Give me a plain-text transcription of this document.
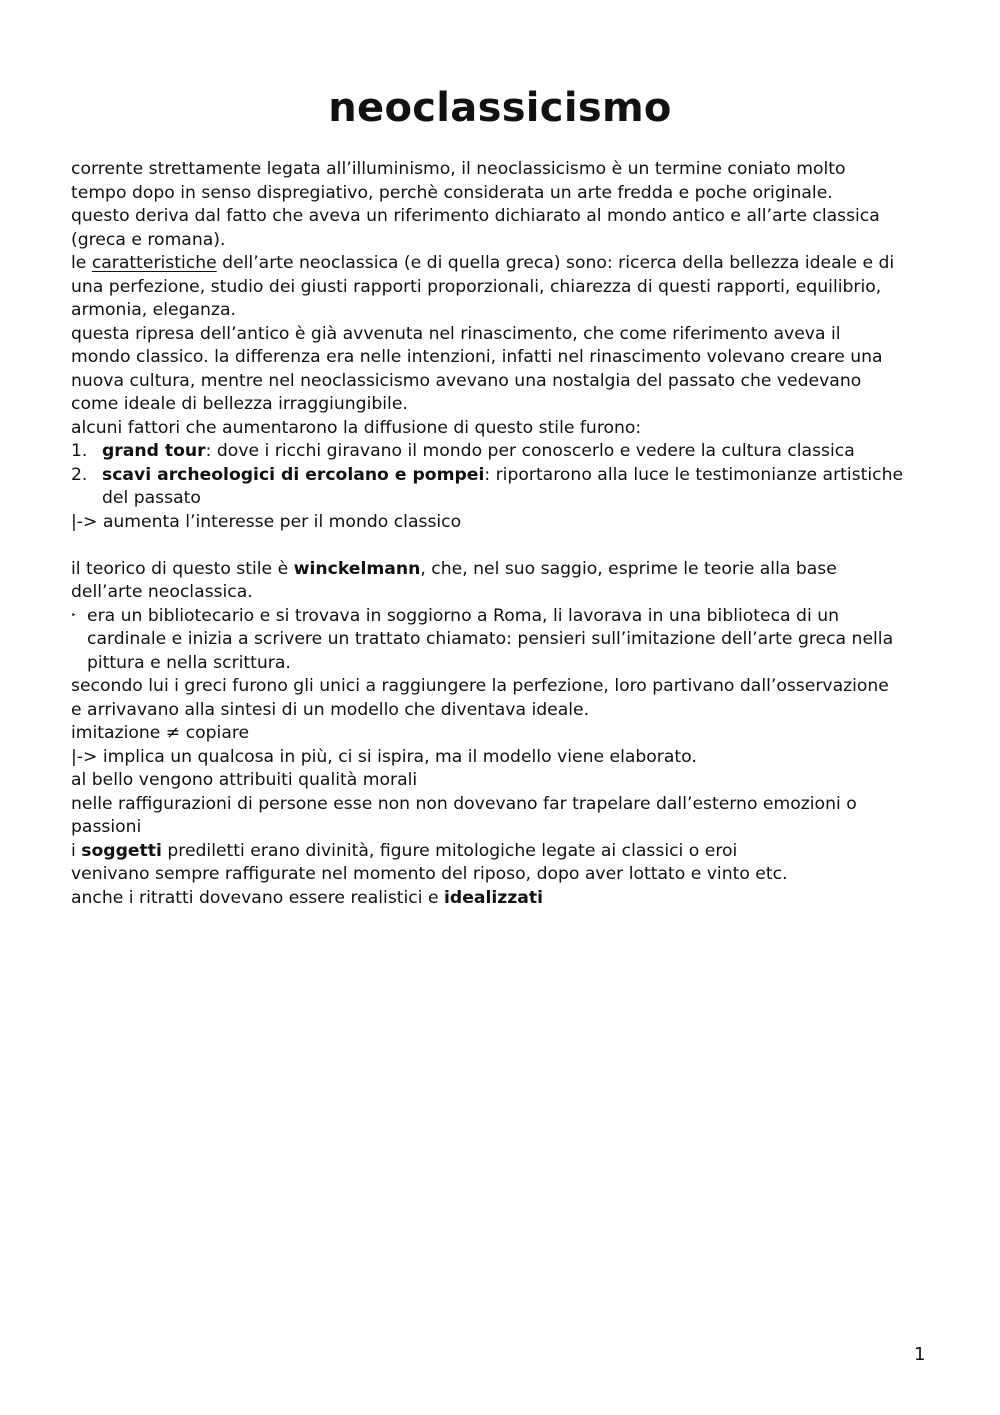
neoclassicismo
corrente strettamente legata all’illuminismo, il neoclassicismo è un termine coniato molto
tempo dopo in senso dispregiativo, perchè considerata un arte fredda e poche originale.
questo deriva dal fatto che aveva un riferimento dichiarato al mondo antico e all’arte classica
(greca e romana).
le caratteristiche dell’arte neoclassica (e di quella greca) sono: ricerca della bellezza ideale e di
una perfezione, studio dei giusti rapporti proporzionali, chiarezza di questi rapporti, equilibrio,
armonia, eleganza.
questa ripresa dell’antico è già avvenuta nel rinascimento, che come riferimento aveva il
mondo classico. la differenza era nelle intenzioni, infatti nel rinascimento volevano creare una
nuova cultura, mentre nel neoclassicismo avevano una nostalgia del passato che vedevano
come ideale di bellezza irraggiungibile.
alcuni fattori che aumentarono la diffusione di questo stile furono:
1. grand tour: dove i ricchi giravano il mondo per conoscerlo e vedere la cultura classica
2. scavi archeologici di ercolano e pompei: riportarono alla luce le testimonianze artistiche
del passato
|-> aumenta l’interesse per il mondo classico
il teorico di questo stile è winckelmann, che, nel suo saggio, esprime le teorie alla base
dell’arte neoclassica.
‣ era un bibliotecario e si trovava in soggiorno a Roma, li lavorava in una biblioteca di un
cardinale e inizia a scrivere un trattato chiamato: pensieri sull’imitazione dell’arte greca nella
pittura e nella scrittura.
secondo lui i greci furono gli unici a raggiungere la perfezione, loro partivano dall’osservazione
e arrivavano alla sintesi di un modello che diventava ideale.
imitazione ≠ copiare
|-> implica un qualcosa in più, ci si ispira, ma il modello viene elaborato.
al bello vengono attribuiti qualità morali
nelle raffigurazioni di persone esse non non dovevano far trapelare dall’esterno emozioni o
passioni
i soggetti prediletti erano divinità, figure mitologiche legate ai classici o eroi
venivano sempre raffigurate nel momento del riposo, dopo aver lottato e vinto etc.
anche i ritratti dovevano essere realistici e idealizzati
1
